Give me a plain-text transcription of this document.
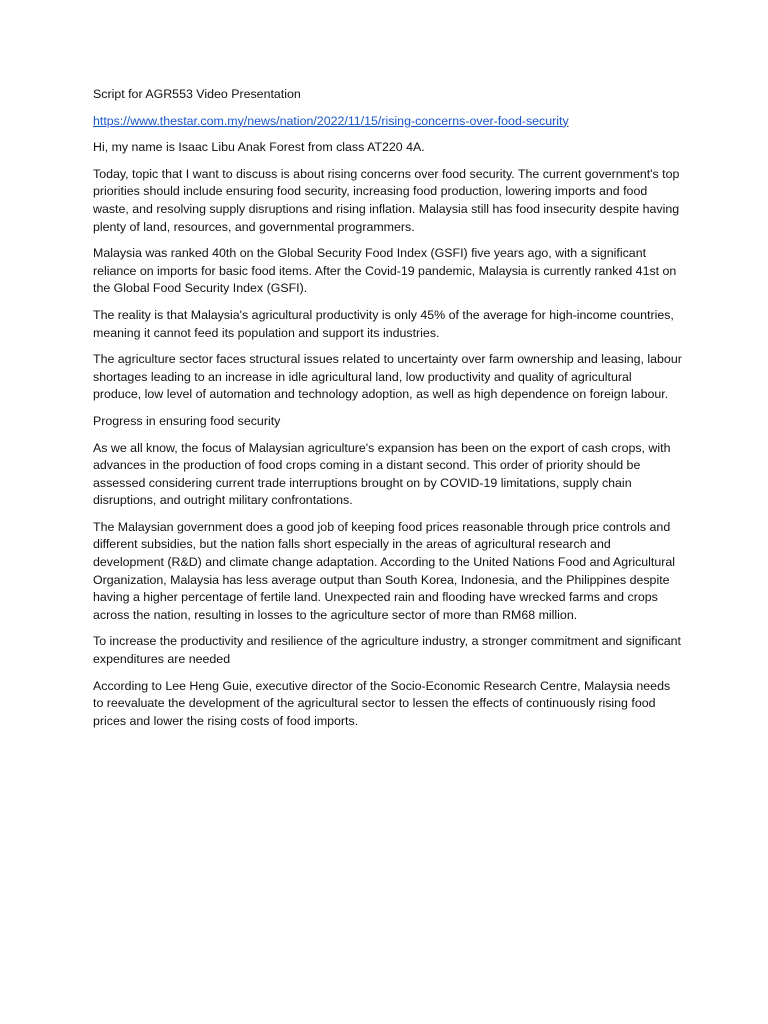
Script for AGR553 Video Presentation

https://www.thestar.com.my/news/nation/2022/11/15/rising-concerns-over-food-security

Hi, my name is Isaac Libu Anak Forest from class AT220 4A.

Today, topic that I want to discuss is about rising concerns over food security. The current government's top priorities should include ensuring food security, increasing food production, lowering imports and food waste, and resolving supply disruptions and rising inflation. Malaysia still has food insecurity despite having plenty of land, resources, and governmental programmers.

Malaysia was ranked 40th on the Global Security Food Index (GSFI) five years ago, with a significant reliance on imports for basic food items. After the Covid-19 pandemic, Malaysia is currently ranked 41st on the Global Food Security Index (GSFI).

The reality is that Malaysia's agricultural productivity is only 45% of the average for high-income countries, meaning it cannot feed its population and support its industries.

The agriculture sector faces structural issues related to uncertainty over farm ownership and leasing, labour shortages leading to an increase in idle agricultural land, low productivity and quality of agricultural produce, low level of automation and technology adoption, as well as high dependence on foreign labour.

Progress in ensuring food security

As we all know, the focus of Malaysian agriculture's expansion has been on the export of cash crops, with advances in the production of food crops coming in a distant second. This order of priority should be assessed considering current trade interruptions brought on by COVID-19 limitations, supply chain disruptions, and outright military confrontations.

The Malaysian government does a good job of keeping food prices reasonable through price controls and different subsidies, but the nation falls short especially in the areas of agricultural research and development (R&D) and climate change adaptation. According to the United Nations Food and Agricultural Organization, Malaysia has less average output than South Korea, Indonesia, and the Philippines despite having a higher percentage of fertile land. Unexpected rain and flooding have wrecked farms and crops across the nation, resulting in losses to the agriculture sector of more than RM68 million.

To increase the productivity and resilience of the agriculture industry, a stronger commitment and significant expenditures are needed

According to Lee Heng Guie, executive director of the Socio-Economic Research Centre, Malaysia needs to reevaluate the development of the agricultural sector to lessen the effects of continuously rising food prices and lower the rising costs of food imports.
